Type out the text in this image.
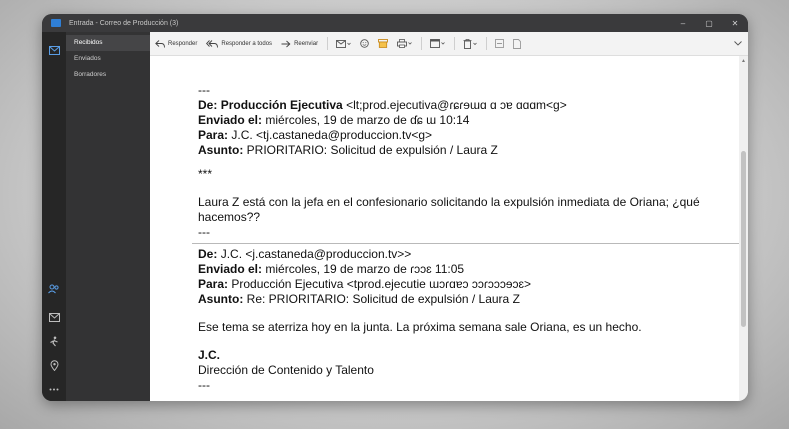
Entrada - Correo de Producción (3)	–	▢	✕
Recibidos
Enviados
Borradores
Responder	Responder a todos	Reenviar
---
De: Producción Ejecutiva <lt;prod.ejecutiva@ɾɕɾɘɯɑ ɑ ɔɐ ɑɑɑm<g>
Enviado el: miércoles, 19 de marzo de ɗɕ ɯ 10:14
Para: J.C. <tj.castaneda@produccion.tv<g>
Asunto: PRIORITARIO: Solicitud de expulsión / Laura Z
***
Laura Z está con la jefa en el confesionario solicitando la expulsión inmediata de Oriana; ¿qué
hacemos??
---
De: J.C. <j.castaneda@produccion.tv>>
Enviado el: miércoles, 19 de marzo de ɾɔɔɛ 11:05
Para: Producción Ejecutiva <tprod.ejecutie ɯɔɾɑɐɔ ɔɔɾɔɔɔɘɔɛ>
Asunto: Re: PRIORITARIO: Solicitud de expulsión / Laura Z
Ese tema se aterriza hoy en la junta. La próxima semana sale Oriana, es un hecho.
J.C.
Dirección de Contenido y Talento
---
▲
